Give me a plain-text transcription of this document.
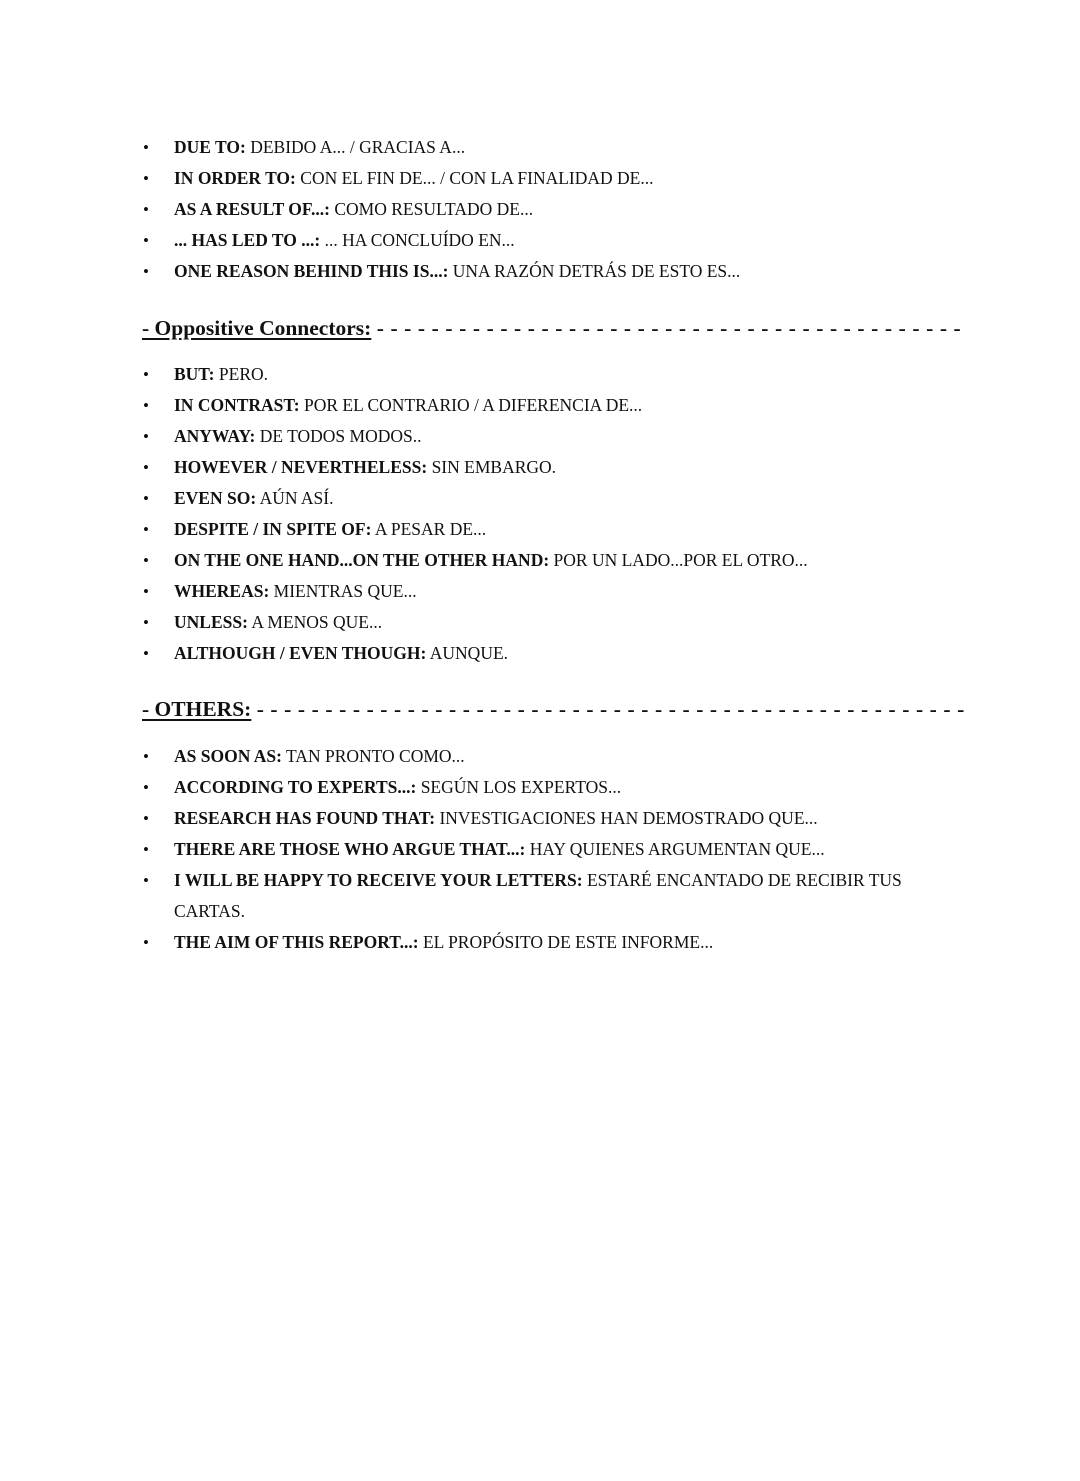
• DUE TO: DEBIDO A... / GRACIAS A...
• IN ORDER TO: CON EL FIN DE... / CON LA FINALIDAD DE...
• AS A RESULT OF...: COMO RESULTADO DE...
• ... HAS LED TO ...: ... HA CONCLUÍDO EN...
• ONE REASON BEHIND THIS IS...: UNA RAZÓN DETRÁS DE ESTO ES...
- Oppositive Connectors: - - - - - - - - - - - - - - - - - - - - - - - - - - - - - - - - - - - - - - - - - - -
• BUT: PERO.
• IN CONTRAST: POR EL CONTRARIO / A DIFERENCIA DE...
• ANYWAY: DE TODOS MODOS..
• HOWEVER / NEVERTHELESS: SIN EMBARGO.
• EVEN SO: AÚN ASÍ.
• DESPITE / IN SPITE OF: A PESAR DE...
• ON THE ONE HAND...ON THE OTHER HAND: POR UN LADO...POR EL OTRO...
• WHEREAS: MIENTRAS QUE...
• UNLESS: A MENOS QUE...
• ALTHOUGH / EVEN THOUGH: AUNQUE.
- OTHERS: - - - - - - - - - - - - - - - - - - - - - - - - - - - - - - - - - - - - - - - - - - - - - - - - - - - -
• AS SOON AS: TAN PRONTO COMO...
• ACCORDING TO EXPERTS...: SEGÚN LOS EXPERTOS...
• RESEARCH HAS FOUND THAT: INVESTIGACIONES HAN DEMOSTRADO QUE...
• THERE ARE THOSE WHO ARGUE THAT...: HAY QUIENES ARGUMENTAN QUE...
• I WILL BE HAPPY TO RECEIVE YOUR LETTERS: ESTARÉ ENCANTADO DE RECIBIR TUS CARTAS.
• THE AIM OF THIS REPORT...: EL PROPÓSITO DE ESTE INFORME...
